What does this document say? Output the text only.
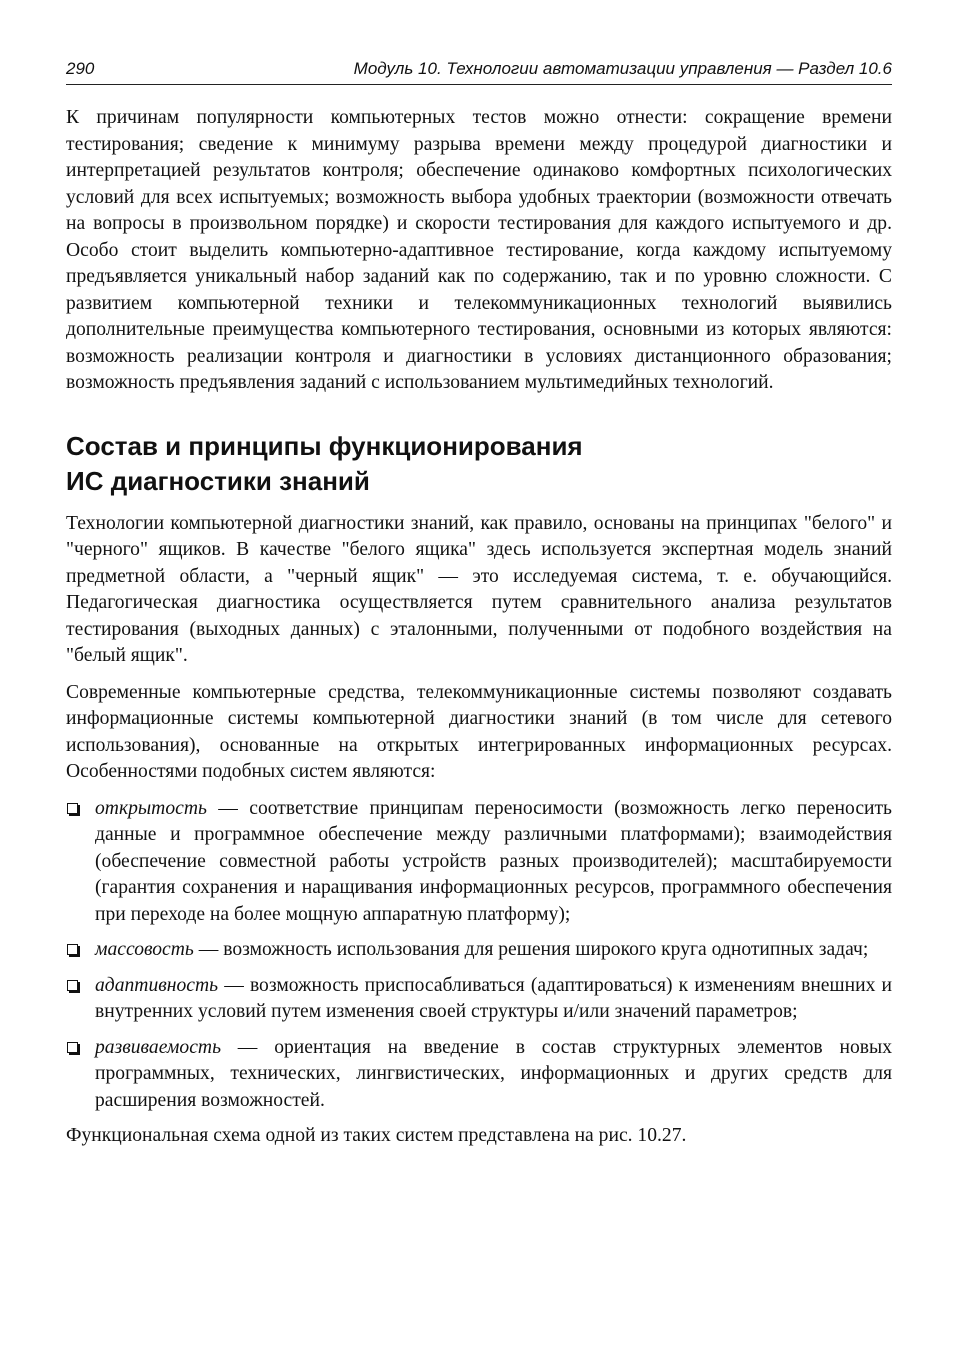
290	Модуль 10. Технологии автоматизации управления — Раздел 10.6

К причинам популярности компьютерных тестов можно отнести: сокращение времени тестирования; сведение к минимуму разрыва времени между процедурой диагностики и интерпретацией результатов контроля; обеспечение одинаково комфортных психологических условий для всех испытуемых; возможность выбора удобных траектории (возможности отвечать на вопросы в произвольном порядке) и скорости тестирования для каждого испытуемого и др. Особо стоит выделить компьютерно-адаптивное тестирование, когда каждому испытуемому предъявляется уникальный набор заданий как по содержанию, так и по уровню сложности. С развитием компьютерной техники и телекоммуникационных технологий выявились дополнительные преимущества компьютерного тестирования, основными из которых являются: возможность реализации контроля и диагностики в условиях дистанционного образования; возможность предъявления заданий с использованием мультимедийных технологий.

Состав и принципы функционирования
ИС диагностики знаний

Технологии компьютерной диагностики знаний, как правило, основаны на принципах "белого" и "черного" ящиков. В качестве "белого ящика" здесь используется экспертная модель знаний предметной области, а "черный ящик" — это исследуемая система, т. е. обучающийся. Педагогическая диагностика осуществляется путем сравнительного анализа результатов тестирования (выходных данных) с эталонными, полученными от подобного воздействия на "белый ящик".

Современные компьютерные средства, телекоммуникационные системы позволяют создавать информационные системы компьютерной диагностики знаний (в том числе для сетевого использования), основанные на открытых интегрированных информационных ресурсах. Особенностями подобных систем являются:

открытость — соответствие принципам переносимости (возможность легко переносить данные и программное обеспечение между различными платформами); взаимодействия (обеспечение совместной работы устройств разных производителей); масштабируемости (гарантия сохранения и наращивания информационных ресурсов, программного обеспечения при переходе на более мощную аппаратную платформу);
массовость — возможность использования для решения широкого круга однотипных задач;
адаптивность — возможность приспосабливаться (адаптироваться) к изменениям внешних и внутренних условий путем изменения своей структуры и/или значений параметров;
развиваемость — ориентация на введение в состав структурных элементов новых программных, технических, лингвистических, информационных и других средств для расширения возможностей.

Функциональная схема одной из таких систем представлена на рис. 10.27.
